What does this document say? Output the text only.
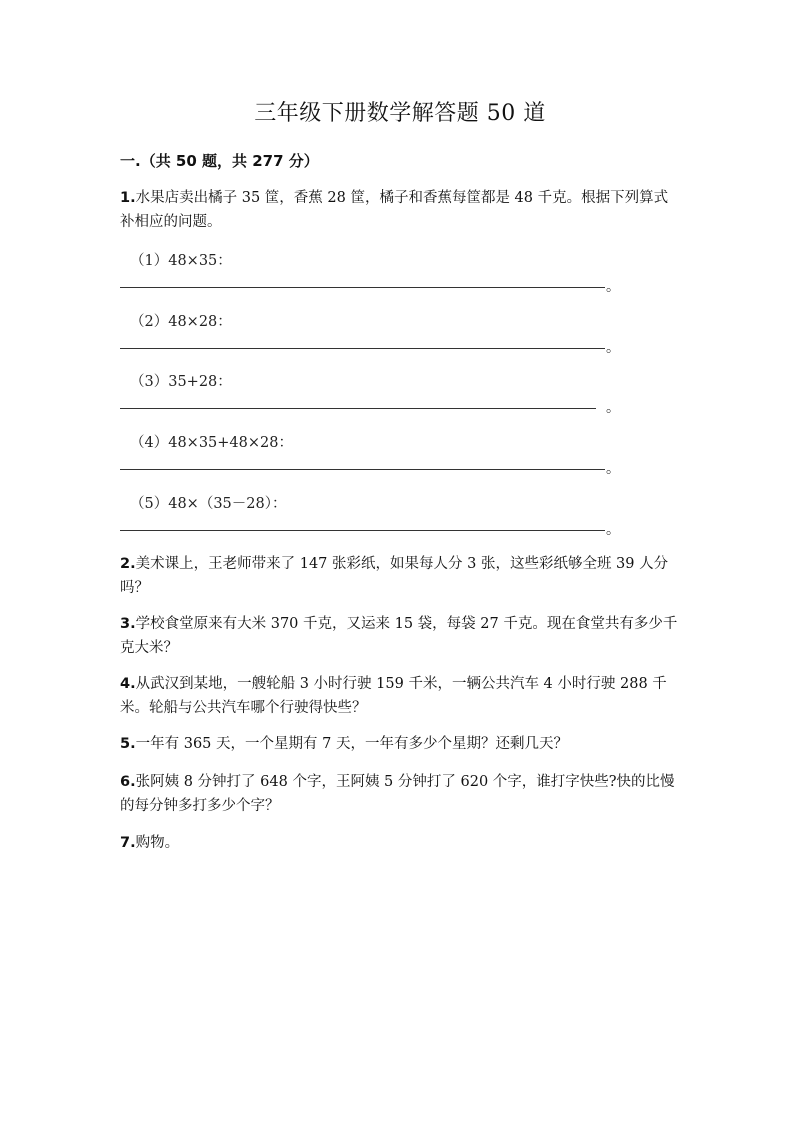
三年级下册数学解答题 50 道
一.（共 50 题，共 277 分）
1.水果店卖出橘子 35 筐，香蕉 28 筐，橘子和香蕉每筐都是 48 千克。根据下列算式补相应的问题。
（1）48×35：
。
（2）48×28：
。
（3）35+28：
。
（4）48×35+48×28：
。
（5）48×（35－28）：
。
2.美术课上，王老师带来了 147 张彩纸，如果每人分 3 张，这些彩纸够全班 39 人分吗？
3.学校食堂原来有大米 370 千克，又运来 15 袋，每袋 27 千克。现在食堂共有多少千克大米？
4.从武汉到某地，一艘轮船 3 小时行驶 159 千米，一辆公共汽车 4 小时行驶 288 千米。轮船与公共汽车哪个行驶得快些？
5.一年有 365 天，一个星期有 7 天，一年有多少个星期？还剩几天？
6.张阿姨 8 分钟打了 648 个字，王阿姨 5 分钟打了 620 个字，谁打字快些?快的比慢的每分钟多打多少个字？
7.购物。
